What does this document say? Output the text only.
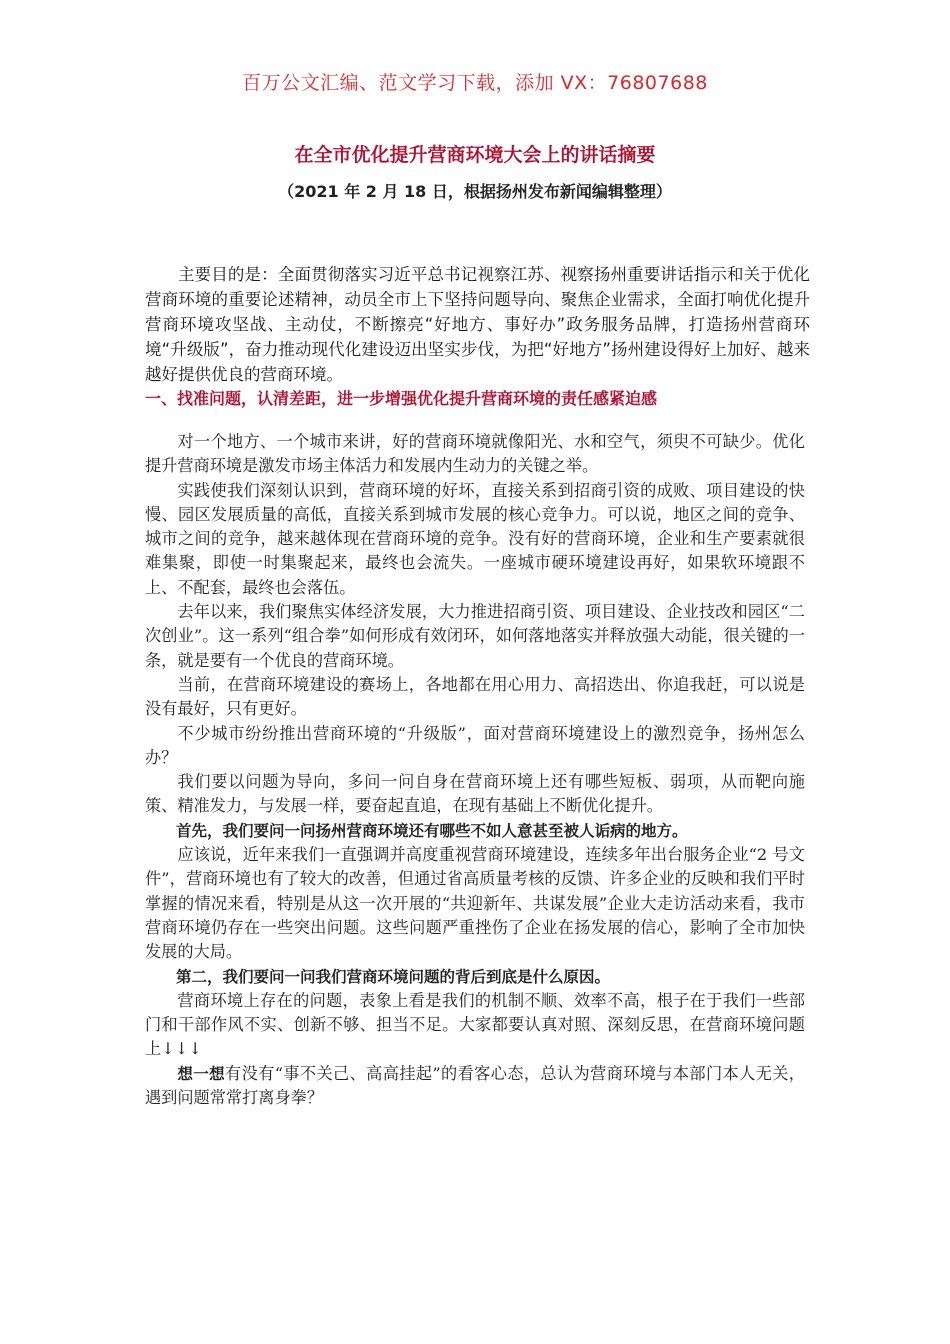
百万公文汇编、范文学习下载，添加 VX：76807688
在全市优化提升营商环境大会上的讲话摘要
（2021 年 2 月 18 日，根据扬州发布新闻编辑整理）
主要目的是：全面贯彻落实习近平总书记视察江苏、视察扬州重要讲话指示和关于优化营商环境的重要论述精神，动员全市上下坚持问题导向、聚焦企业需求，全面打响优化提升营商环境攻坚战、主动仗，不断擦亮“好地方、事好办”政务服务品牌，打造扬州营商环境“升级版”，奋力推动现代化建设迈出坚实步伐，为把“好地方”扬州建设得好上加好、越来越好提供优良的营商环境。
一、找准问题，认清差距，进一步增强优化提升营商环境的责任感紧迫感

对一个地方、一个城市来讲，好的营商环境就像阳光、水和空气，须臾不可缺少。优化提升营商环境是激发市场主体活力和发展内生动力的关键之举。

实践使我们深刻认识到，营商环境的好坏，直接关系到招商引资的成败、项目建设的快慢、园区发展质量的高低，直接关系到城市发展的核心竞争力。可以说，地区之间的竞争、城市之间的竞争，越来越体现在营商环境的竞争。没有好的营商环境，企业和生产要素就很难集聚，即使一时集聚起来，最终也会流失。一座城市硬环境建设再好，如果软环境跟不上、不配套，最终也会落伍。

去年以来，我们聚焦实体经济发展，大力推进招商引资、项目建设、企业技改和园区“二次创业”。这一系列“组合拳”如何形成有效闭环，如何落地落实并释放强大动能，很关键的一条，就是要有一个优良的营商环境。

当前，在营商环境建设的赛场上，各地都在用心用力、高招迭出、你追我赶，可以说是没有最好，只有更好。

不少城市纷纷推出营商环境的“升级版”，面对营商环境建设上的激烈竞争，扬州怎么办？

我们要以问题为导向，多问一问自身在营商环境上还有哪些短板、弱项，从而靶向施策、精准发力，与发展一样，要奋起直追，在现有基础上不断优化提升。

首先，我们要问一问扬州营商环境还有哪些不如人意甚至被人诟病的地方。

应该说，近年来我们一直强调并高度重视营商环境建设，连续多年出台服务企业“2 号文件”，营商环境也有了较大的改善，但通过省高质量考核的反馈、许多企业的反映和我们平时掌握的情况来看，特别是从这一次开展的“共迎新年、共谋发展”企业大走访活动来看，我市营商环境仍存在一些突出问题。这些问题严重挫伤了企业在扬发展的信心，影响了全市加快发展的大局。

第二，我们要问一问我们营商环境问题的背后到底是什么原因。

营商环境上存在的问题，表象上看是我们的机制不顺、效率不高，根子在于我们一些部门和干部作风不实、创新不够、担当不足。大家都要认真对照、深刻反思，在营商环境问题上↓↓↓

想一想有没有“事不关己、高高挂起”的看客心态，总认为营商环境与本部门本人无关，遇到问题常常打离身拳？
